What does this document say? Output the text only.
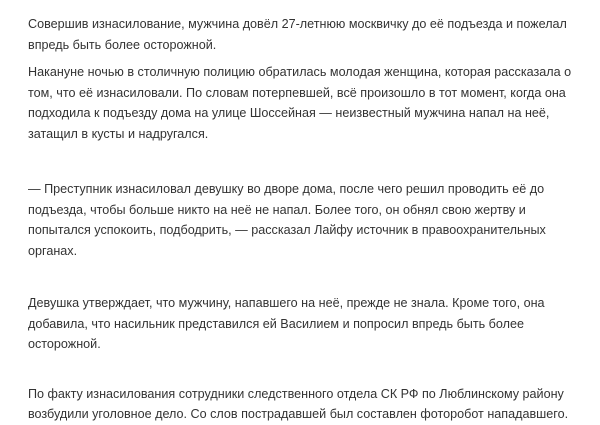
Совершив изнасилование, мужчина довёл 27-летнюю москвичку до её подъезда и пожелал впредь быть более осторожной.

Накануне ночью в столичную полицию обратилась молодая женщина, которая рассказала о том, что её изнасиловали. По словам потерпевшей, всё произошло в тот момент, когда она подходила к подъезду дома на улице Шоссейная — неизвестный мужчина напал на неё, затащил в кусты и надругался.

— Преступник изнасиловал девушку во дворе дома, после чего решил проводить её до подъезда, чтобы больше никто на неё не напал. Более того, он обнял свою жертву и попытался успокоить, подбодрить, — рассказал Лайфу источник в правоохранительных органах.

Девушка утверждает, что мужчину, напавшего на неё, прежде не знала. Кроме того, она добавила, что насильник представился ей Василием и попросил впредь быть более осторожной.

По факту изнасилования сотрудники следственного отдела СК РФ по Люблинскому району возбудили уголовное дело. Со слов пострадавшей был составлен фоторобот нападавшего.
